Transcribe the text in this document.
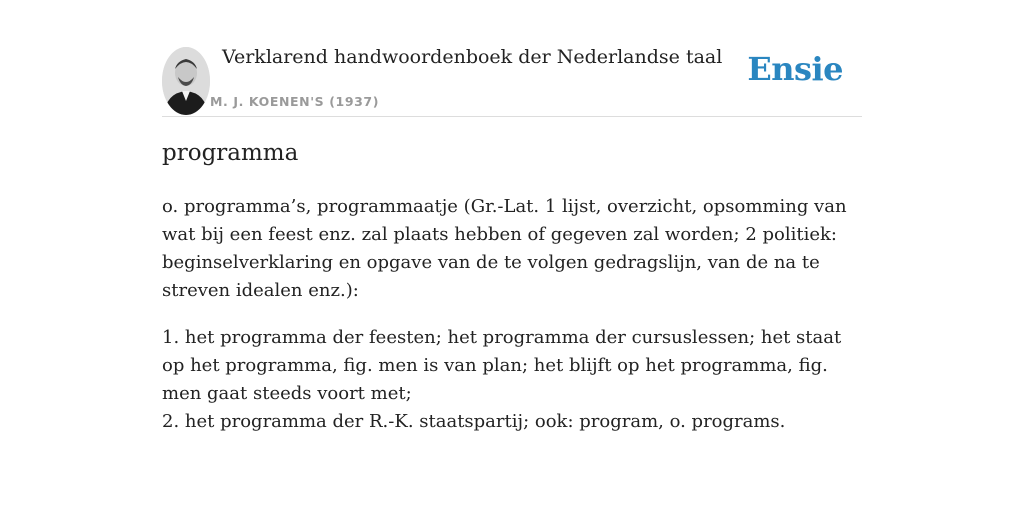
Verklarend handwoordenboek der Nederlandse taal
M. J. KOENEN'S (1937)
Ensie
programma

o. programma’s, programmaatje (Gr.-Lat. 1 lijst, overzicht, opsomming van wat bij een feest enz. zal plaats hebben of gegeven zal worden; 2 politiek: beginselverklaring en opgave van de te volgen gedragslijn, van de na te streven idealen enz.):

1. het programma der feesten; het programma der cursuslessen; het staat op het programma, fig. men is van plan; het blijft op het programma, fig. men gaat steeds voort met;
2. het programma der R.-K. staatspartij; ook: program, o. programs.
